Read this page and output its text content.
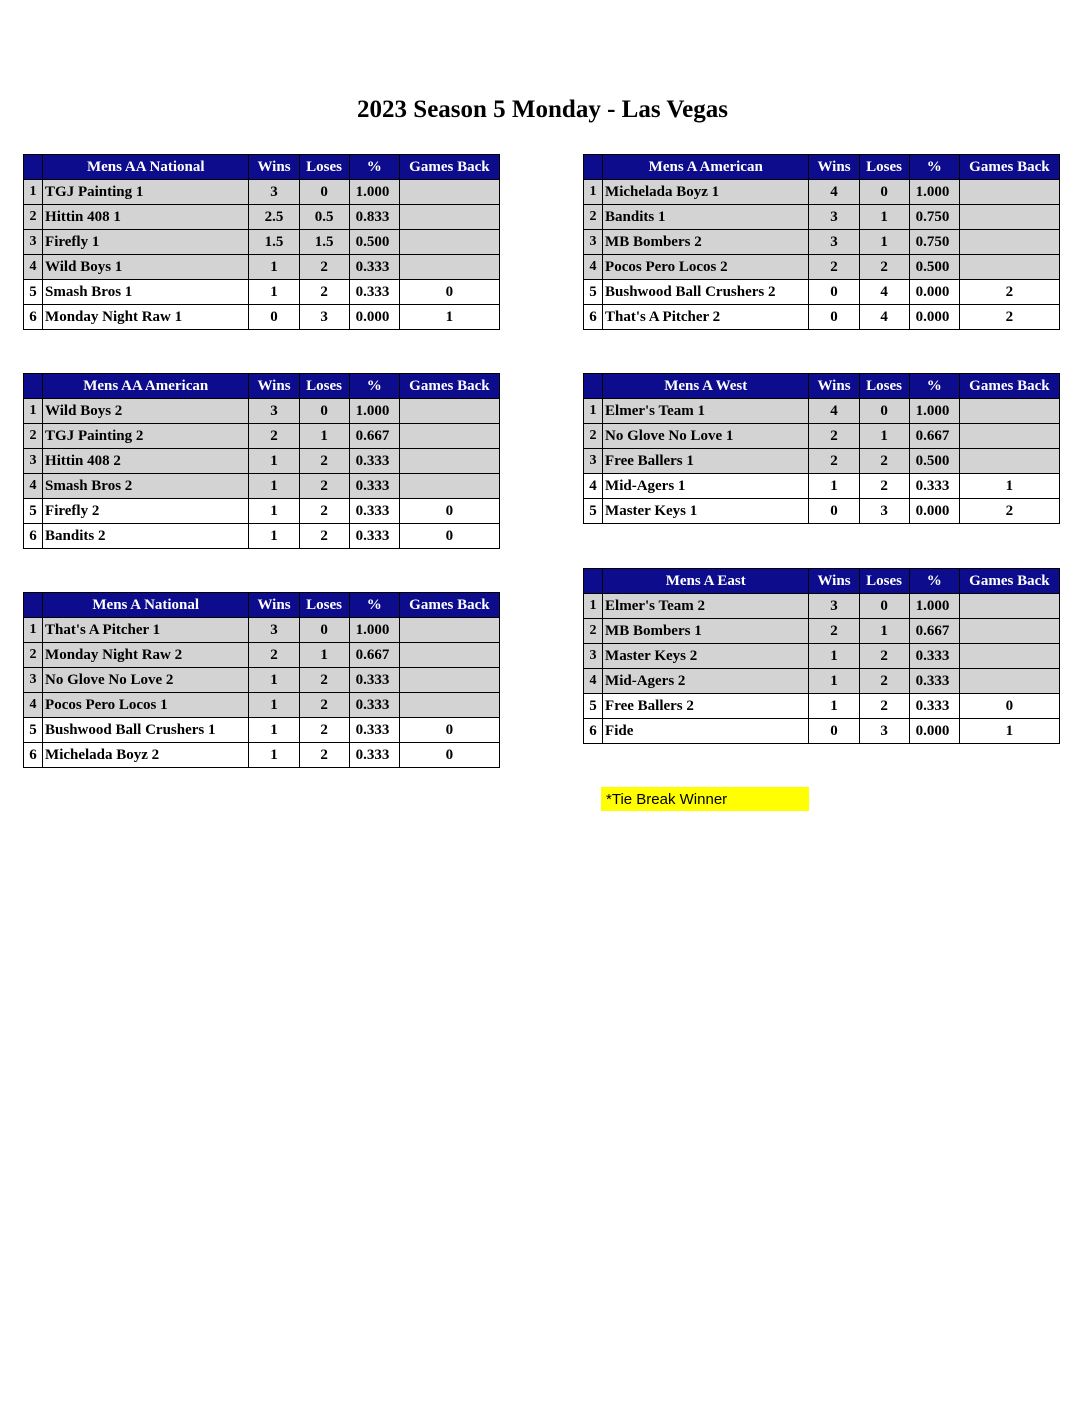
2023 Season 5 Monday - Las Vegas
	Mens AA National	Wins	Loses	%	Games Back
1	TGJ Painting 1	3	0	1.000	
2	Hittin 408 1	2.5	0.5	0.833	
3	Firefly 1	1.5	1.5	0.500	
4	Wild Boys 1	1	2	0.333	
5	Smash Bros 1	1	2	0.333	0
6	Monday Night Raw 1	0	3	0.000	1
	Mens A American	Wins	Loses	%	Games Back
1	Michelada Boyz 1	4	0	1.000	
2	Bandits 1	3	1	0.750	
3	MB Bombers 2	3	1	0.750	
4	Pocos Pero Locos 2	2	2	0.500	
5	Bushwood Ball Crushers 2	0	4	0.000	2
6	That's A Pitcher 2	0	4	0.000	2
	Mens AA American	Wins	Loses	%	Games Back
1	Wild Boys 2	3	0	1.000	
2	TGJ Painting 2	2	1	0.667	
3	Hittin 408 2	1	2	0.333	
4	Smash Bros 2	1	2	0.333	
5	Firefly 2	1	2	0.333	0
6	Bandits 2	1	2	0.333	0
	Mens A West	Wins	Loses	%	Games Back
1	Elmer's Team 1	4	0	1.000	
2	No Glove No Love 1	2	1	0.667	
3	Free Ballers 1	2	2	0.500	
4	Mid-Agers 1	1	2	0.333	1
5	Master Keys 1	0	3	0.000	2
	Mens A East	Wins	Loses	%	Games Back
1	Elmer's Team 2	3	0	1.000	
2	MB Bombers 1	2	1	0.667	
3	Master Keys 2	1	2	0.333	
4	Mid-Agers 2	1	2	0.333	
5	Free Ballers 2	1	2	0.333	0
6	Fide	0	3	0.000	1
	Mens A National	Wins	Loses	%	Games Back
1	That's A Pitcher 1	3	0	1.000	
2	Monday Night Raw 2	2	1	0.667	
3	No Glove No Love 2	1	2	0.333	
4	Pocos Pero Locos 1	1	2	0.333	
5	Bushwood Ball Crushers 1	1	2	0.333	0
6	Michelada Boyz 2	1	2	0.333	0
*Tie Break Winner
